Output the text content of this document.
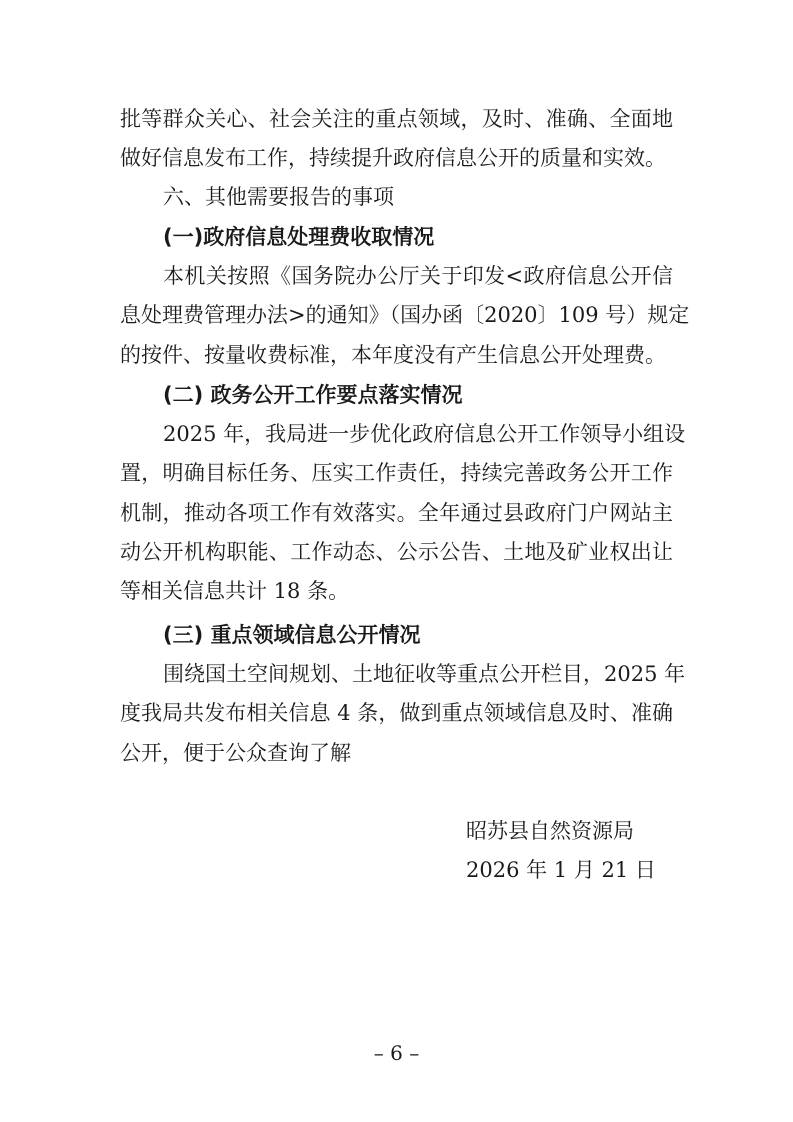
批等群众关心、社会关注的重点领域，及时、准确、全面地
做好信息发布工作，持续提升政府信息公开的质量和实效。
六、其他需要报告的事项
(一)政府信息处理费收取情况
本机关按照《国务院办公厅关于印发<政府信息公开信
息处理费管理办法>的通知》（国办函〔2020〕109 号）规定
的按件、按量收费标准，本年度没有产生信息公开处理费。
(二) 政务公开工作要点落实情况
2025 年，我局进一步优化政府信息公开工作领导小组设
置，明确目标任务、压实工作责任，持续完善政务公开工作
机制，推动各项工作有效落实。全年通过县政府门户网站主
动公开机构职能、工作动态、公示公告、土地及矿业权出让
等相关信息共计 18 条。
(三) 重点领域信息公开情况
围绕国土空间规划、土地征收等重点公开栏目，2025 年
度我局共发布相关信息 4 条，做到重点领域信息及时、准确
公开，便于公众查询了解
昭苏县自然资源局
2026 年 1 月 21 日
– 6 –
